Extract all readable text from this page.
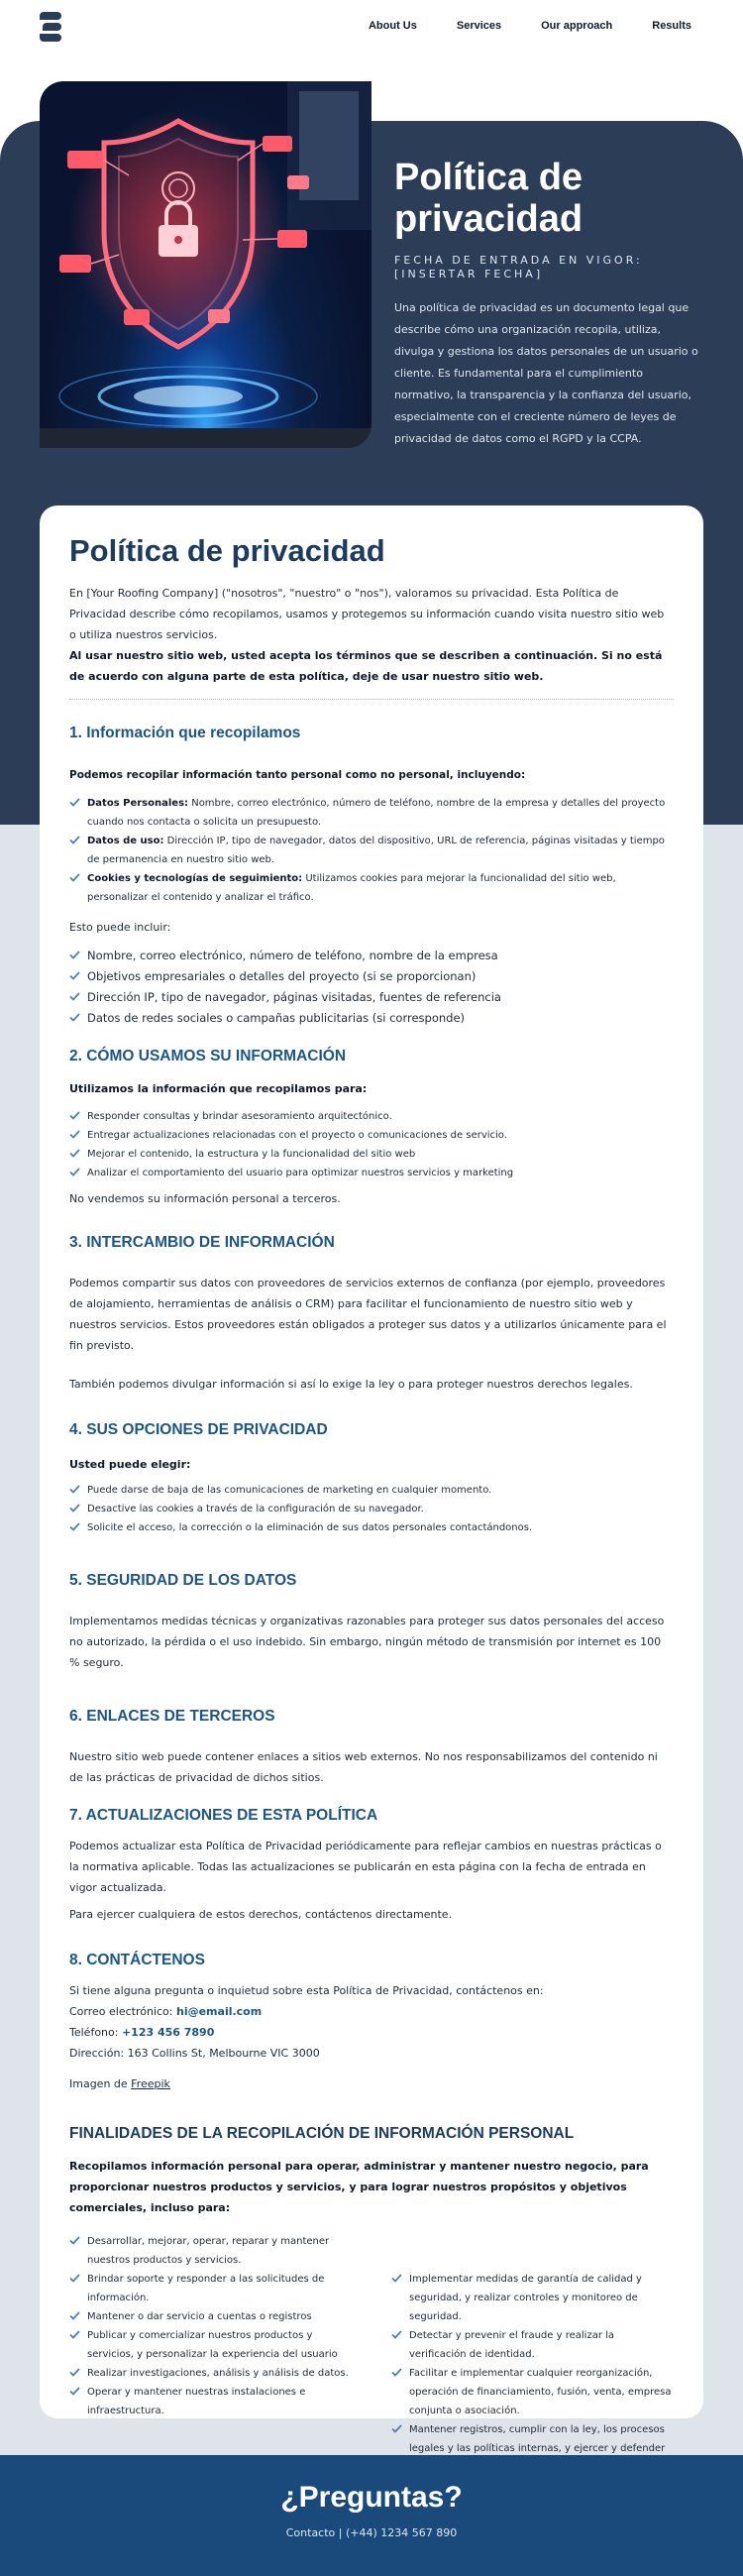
About Us	Services	Our approach	Results
Política de privacidad
FECHA DE ENTRADA EN VIGOR: [INSERTAR FECHA]

Una política de privacidad es un documento legal que describe cómo una organización recopila, utiliza, divulga y gestiona los datos personales de un usuario o cliente. Es fundamental para el cumplimiento normativo, la transparencia y la confianza del usuario, especialmente con el creciente número de leyes de privacidad de datos como el RGPD y la CCPA.

Política de privacidad

En [Your Roofing Company] ("nosotros", "nuestro" o "nos"), valoramos su privacidad. Esta Política de Privacidad describe cómo recopilamos, usamos y protegemos su información cuando visita nuestro sitio web o utiliza nuestros servicios.

Al usar nuestro sitio web, usted acepta los términos que se describen a continuación. Si no está de acuerdo con alguna parte de esta política, deje de usar nuestro sitio web.

1. Información que recopilamos

Podemos recopilar información tanto personal como no personal, incluyendo:

Datos Personales: Nombre, correo electrónico, número de teléfono, nombre de la empresa y detalles del proyecto cuando nos contacta o solicita un presupuesto.
Datos de uso: Dirección IP, tipo de navegador, datos del dispositivo, URL de referencia, páginas visitadas y tiempo de permanencia en nuestro sitio web.
Cookies y tecnologías de seguimiento: Utilizamos cookies para mejorar la funcionalidad del sitio web, personalizar el contenido y analizar el tráfico.

Esto puede incluir:

Nombre, correo electrónico, número de teléfono, nombre de la empresa
Objetivos empresariales o detalles del proyecto (si se proporcionan)
Dirección IP, tipo de navegador, páginas visitadas, fuentes de referencia
Datos de redes sociales o campañas publicitarias (si corresponde)
2. CÓMO USAMOS SU INFORMACIÓN

Utilizamos la información que recopilamos para:

Responder consultas y brindar asesoramiento arquitectónico.
Entregar actualizaciones relacionadas con el proyecto o comunicaciones de servicio.
Mejorar el contenido, la estructura y la funcionalidad del sitio web
Analizar el comportamiento del usuario para optimizar nuestros servicios y marketing

No vendemos su información personal a terceros.

3. INTERCAMBIO DE INFORMACIÓN

Podemos compartir sus datos con proveedores de servicios externos de confianza (por ejemplo, proveedores de alojamiento, herramientas de análisis o CRM) para facilitar el funcionamiento de nuestro sitio web y nuestros servicios. Estos proveedores están obligados a proteger sus datos y a utilizarlos únicamente para el fin previsto.

También podemos divulgar información si así lo exige la ley o para proteger nuestros derechos legales.

4. SUS OPCIONES DE PRIVACIDAD

Usted puede elegir:

Puede darse de baja de las comunicaciones de marketing en cualquier momento.
Desactive las cookies a través de la configuración de su navegador.
Solicite el acceso, la corrección o la eliminación de sus datos personales contactándonos.
5. SEGURIDAD DE LOS DATOS

Implementamos medidas técnicas y organizativas razonables para proteger sus datos personales del acceso no autorizado, la pérdida o el uso indebido. Sin embargo, ningún método de transmisión por internet es 100 % seguro.

6. ENLACES DE TERCEROS

Nuestro sitio web puede contener enlaces a sitios web externos. No nos responsabilizamos del contenido ni de las prácticas de privacidad de dichos sitios.

7. ACTUALIZACIONES DE ESTA POLÍTICA

Podemos actualizar esta Política de Privacidad periódicamente para reflejar cambios en nuestras prácticas o la normativa aplicable. Todas las actualizaciones se publicarán en esta página con la fecha de entrada en vigor actualizada.

Para ejercer cualquiera de estos derechos, contáctenos directamente.

8. CONTÁCTENOS

Si tiene alguna pregunta o inquietud sobre esta Política de Privacidad, contáctenos en:

Correo electrónico: hi@email.com

Teléfono: +123 456 7890

Dirección: 163 Collins St, Melbourne VIC 3000

Imagen de Freepik

FINALIDADES DE LA RECOPILACIÓN DE INFORMACIÓN PERSONAL

Recopilamos información personal para operar, administrar y mantener nuestro negocio, para proporcionar nuestros productos y servicios, y para lograr nuestros propósitos y objetivos comerciales, incluso para:

Desarrollar, mejorar, operar, reparar y mantener nuestros productos y servicios.
Brindar soporte y responder a las solicitudes de información.
Mantener o dar servicio a cuentas o registros
Publicar y comercializar nuestros productos y servicios, y personalizar la experiencia del usuario
Realizar investigaciones, análisis y análisis de datos.
Operar y mantener nuestras instalaciones e infraestructura.
Implementar medidas de garantía de calidad y seguridad, y realizar controles y monitoreo de seguridad.
Detectar y prevenir el fraude y realizar la verificación de identidad.
Facilitar e implementar cualquier reorganización, operación de financiamiento, fusión, venta, empresa conjunta o asociación.
Mantener registros, cumplir con la ley, los procesos legales y las políticas internas, y ejercer y defender
¿Preguntas?

Contacto | (+44) 1234 567 890
